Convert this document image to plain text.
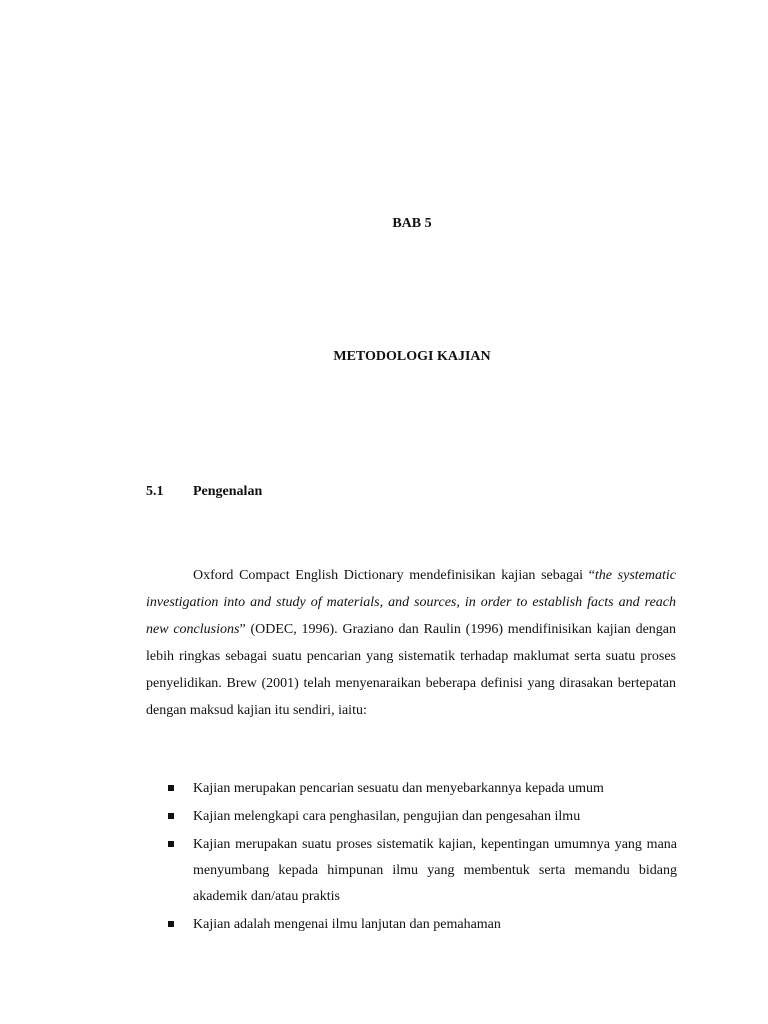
BAB 5
METODOLOGI KAJIAN
5.1 Pengenalan

Oxford Compact English Dictionary mendefinisikan kajian sebagai “the systematic investigation into and study of materials, and sources, in order to establish facts and reach new conclusions” (ODEC, 1996). Graziano dan Raulin (1996) mendifinisikan kajian dengan lebih ringkas sebagai suatu pencarian yang sistematik terhadap maklumat serta suatu proses penyelidikan. Brew (2001) telah menyenaraikan beberapa definisi yang dirasakan bertepatan dengan maksud kajian itu sendiri, iaitu:

Kajian merupakan pencarian sesuatu dan menyebarkannya kepada umum
Kajian melengkapi cara penghasilan, pengujian dan pengesahan ilmu
Kajian merupakan suatu proses sistematik kajian, kepentingan umumnya yang mana menyumbang kepada himpunan ilmu yang membentuk serta memandu bidang akademik dan/atau praktis
Kajian adalah mengenai ilmu lanjutan dan pemahaman
